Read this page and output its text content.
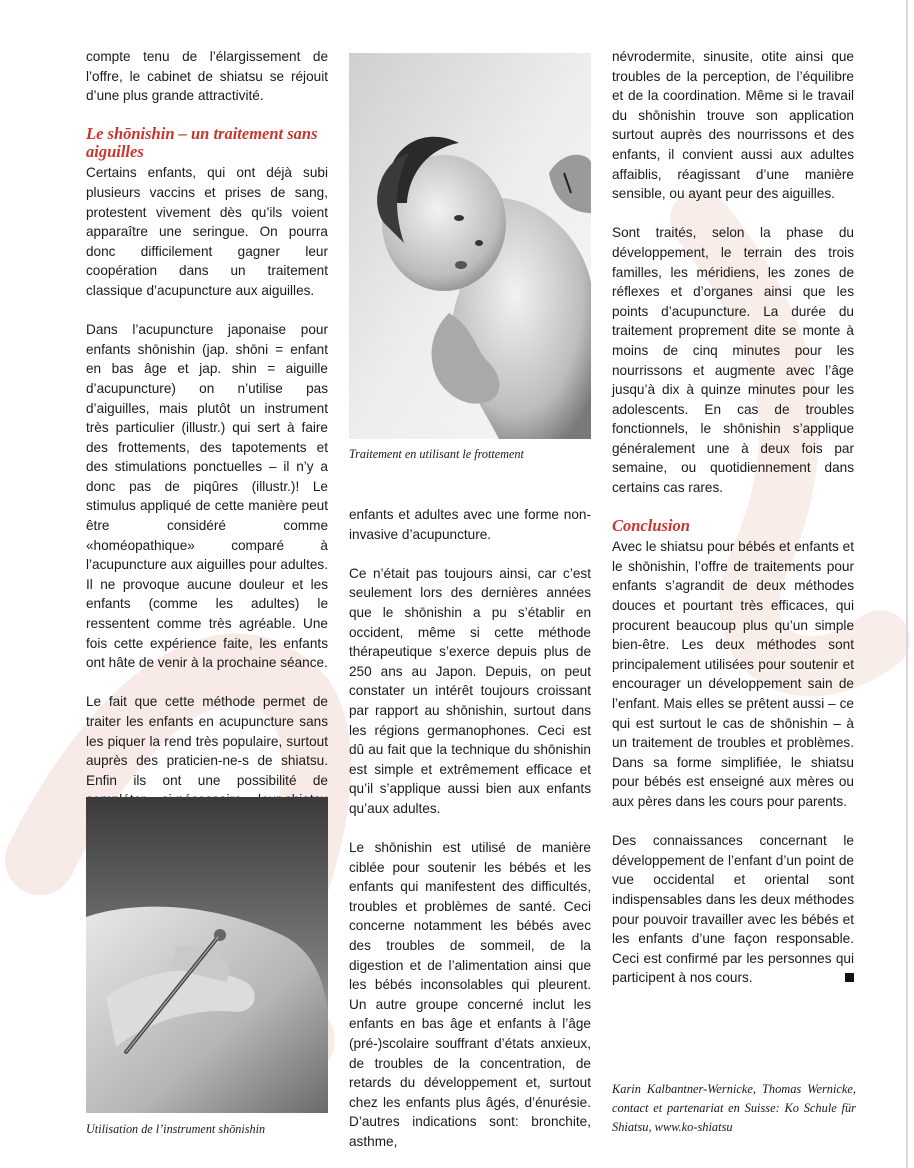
compte tenu de l’élargissement de l’offre, le cabinet de shiatsu se réjouit d’une plus grande attractivité.

Le shōnishin – un traitement sans aiguilles

Certains enfants, qui ont déjà subi plusieurs vaccins et prises de sang, protestent vivement dès qu’ils voient apparaître une seringue. On pourra donc difficilement gagner leur coopération dans un traitement classique d’acupuncture aux aiguilles.

Dans l’acupuncture japonaise pour enfants shōnishin (jap. shōni = enfant en bas âge et jap. shin = aiguille d’acupuncture) on n’utilise pas d’aiguilles, mais plutôt un instrument très particulier (illustr.) qui sert à faire des frottements, des tapotements et des stimulations ponctuelles – il n’y a donc pas de piqûres (illustr.)! Le stimulus appliqué de cette manière peut être considéré comme «homéopathique» comparé à l’acupuncture aux aiguilles pour adultes. Il ne provoque aucune douleur et les enfants (comme les adultes) le ressentent comme très agréable. Une fois cette expérience faite, les enfants ont hâte de venir à la prochaine séance.

Le fait que cette méthode permet de traiter les enfants en acupuncture sans les piquer la rend très populaire, surtout auprès des praticien-ne-s de shiatsu. Enfin ils ont une possibilité de

Traitement en utilisant le frottement

enfants et adultes avec une forme non-invasive d’acupuncture.

Ce n’était pas toujours ainsi, car c’est seulement lors des dernières années que le shōnishin a pu s’établir en occident, même si cette méthode thérapeutique s’exerce depuis plus de 250 ans au Japon. Depuis, on peut constater un intérêt toujours croissant par rapport au shōnishin, surtout dans les régions germanophones. Ceci est dû au fait que la technique du shōnishin est simple et extrêmement efficace et qu’il s’applique aussi bien aux enfants qu’aux adultes.

Le shōnishin est utilisé de manière ciblée pour soutenir les bébés et les enfants qui manifestent des difficultés, troubles et problèmes de santé. Ceci concerne notamment les bébés avec des troubles de sommeil, de la digestion et de l’alimentation ainsi que les bébés inconsolables qui pleurent. Un autre groupe concerné inclut les enfants en bas âge et enfants à l’âge (pré-)scolaire souffrant d’états anxieux, de troubles de la concentration, de retards du développement et, surtout chez les enfants plus âgés, d’énurésie. D’autres indications sont: bronchite, asthme,

Utilisation de l’instrument shōnishin

névrodermite, sinusite, otite ainsi que troubles de la perception, de l’équilibre et de la coordination. Même si le travail du shōnishin trouve son application surtout auprès des nourrissons et des enfants, il convient aussi aux adultes affaiblis, réagissant d’une manière sensible, ou ayant peur des aiguilles.

Sont traités, selon la phase du développement, le terrain des trois familles, les méridiens, les zones de réflexes et d’organes ainsi que les points d’acupuncture. La durée du traitement proprement dite se monte à moins de cinq minutes pour les nourrissons et augmente avec l’âge jusqu’à dix à quinze minutes pour les adolescents. En cas de troubles fonctionnels, le shōnishin s’applique généralement une à deux fois par semaine, ou quotidiennement dans certains cas rares.

Conclusion

Avec le shiatsu pour bébés et enfants et le shōnishin, l’offre de traitements pour enfants s’agrandit de deux méthodes douces et pourtant très efficaces, qui procurent beaucoup plus qu’un simple bien-être. Les deux méthodes sont principalement utilisées pour soutenir et encourager un développement sain de l’enfant. Mais elles se prêtent aussi – ce qui est surtout le cas de shōnishin – à un traitement de troubles et problèmes. Dans sa forme simplifiée, le shiatsu pour bébés est enseigné aux mères ou aux pères dans les cours pour parents.

Des connaissances concernant le développement de l’enfant d’un point de vue occidental et oriental sont indispensables dans les deux méthodes pour pouvoir travailler avec les bébés et les enfants d’une façon responsable. Ceci est confirmé par les personnes qui participent à nos cours.

Karin Kalbantner-Wernicke, Thomas Wernicke, contact et partenariat en Suisse: Ko Schule für Shiatsu, www.ko-shiatsu
